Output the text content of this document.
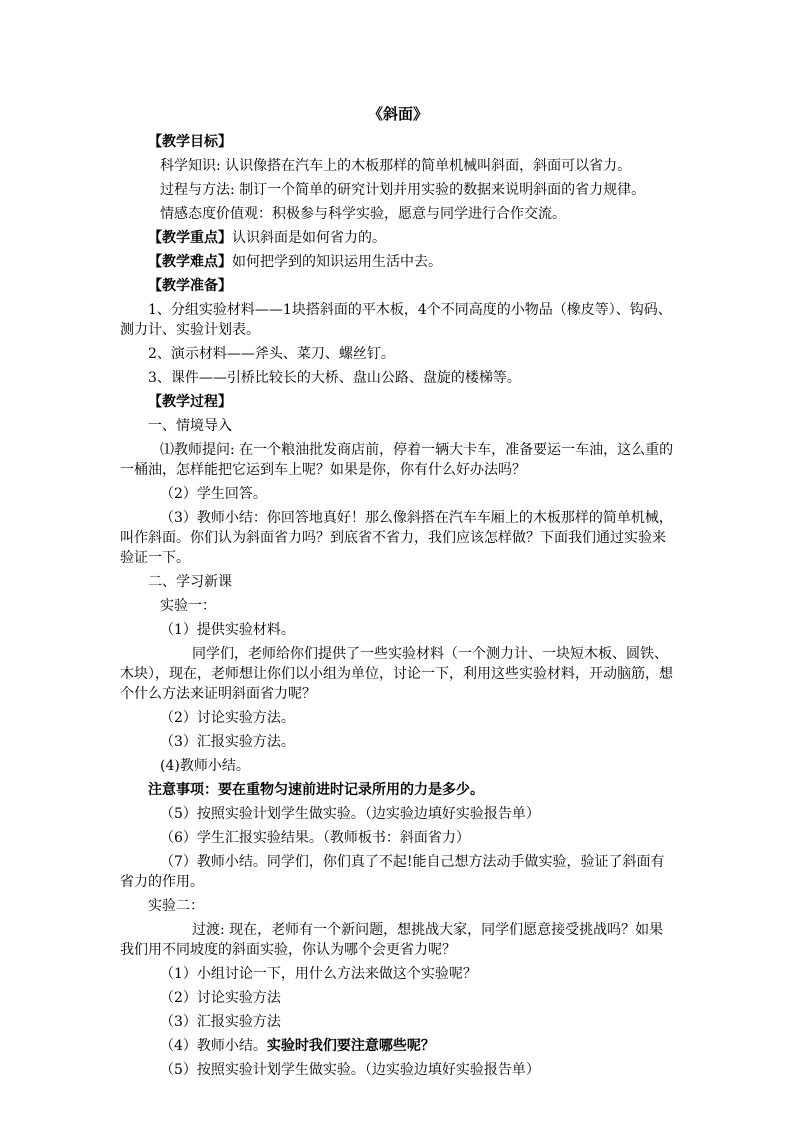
《斜面》
【教学目标】
科学知识: 认识像搭在汽车上的木板那样的简单机械叫斜面，斜面可以省力。
过程与方法: 制订一个简单的研究计划并用实验的数据来说明斜面的省力规律。
情感态度价值观：积极参与科学实验，愿意与同学进行合作交流。
【教学重点】认识斜面是如何省力的。
【教学难点】如何把学到的知识运用生活中去。
【教学准备】
1、分组实验材料——1块搭斜面的平木板，4个不同高度的小物品（橡皮等）、钩码、测力计、实验计划表。
2、演示材料——斧头、菜刀、螺丝钉。
3、课件——引桥比较长的大桥、盘山公路、盘旋的楼梯等。
【教学过程】
一、情境导入
⑴教师提问: 在一个粮油批发商店前，停着一辆大卡车，准备要运一车油，这么重的一桶油，怎样能把它运到车上呢？如果是你，你有什么好办法吗？
（2）学生回答。
（3）教师小结：你回答地真好！那么像斜搭在汽车车厢上的木板那样的简单机械，叫作斜面。你们认为斜面省力吗？到底省不省力，我们应该怎样做？下面我们通过实验来验证一下。
二、学习新课
实验一：
（1）提供实验材料。
同学们，老师给你们提供了一些实验材料（一个测力计、一块短木板、圆铁、木块），现在，老师想让你们以小组为单位，讨论一下，利用这些实验材料，开动脑筋，想个什么方法来证明斜面省力呢？
（2）讨论实验方法。
（3）汇报实验方法。
(4)教师小结。
注意事项：要在重物匀速前进时记录所用的力是多少。
（5）按照实验计划学生做实验。（边实验边填好实验报告单）
（6）学生汇报实验结果。（教师板书：斜面省力）
（7）教师小结。同学们，你们真了不起!能自己想方法动手做实验，验证了斜面有省力的作用。
实验二：
过渡: 现在，老师有一个新问题，想挑战大家，同学们愿意接受挑战吗？如果我们用不同坡度的斜面实验，你认为哪个会更省力呢？
（1）小组讨论一下，用什么方法来做这个实验呢？
（2）讨论实验方法
（3）汇报实验方法
（4）教师小结。实验时我们要注意哪些呢？
（5）按照实验计划学生做实验。（边实验边填好实验报告单）
